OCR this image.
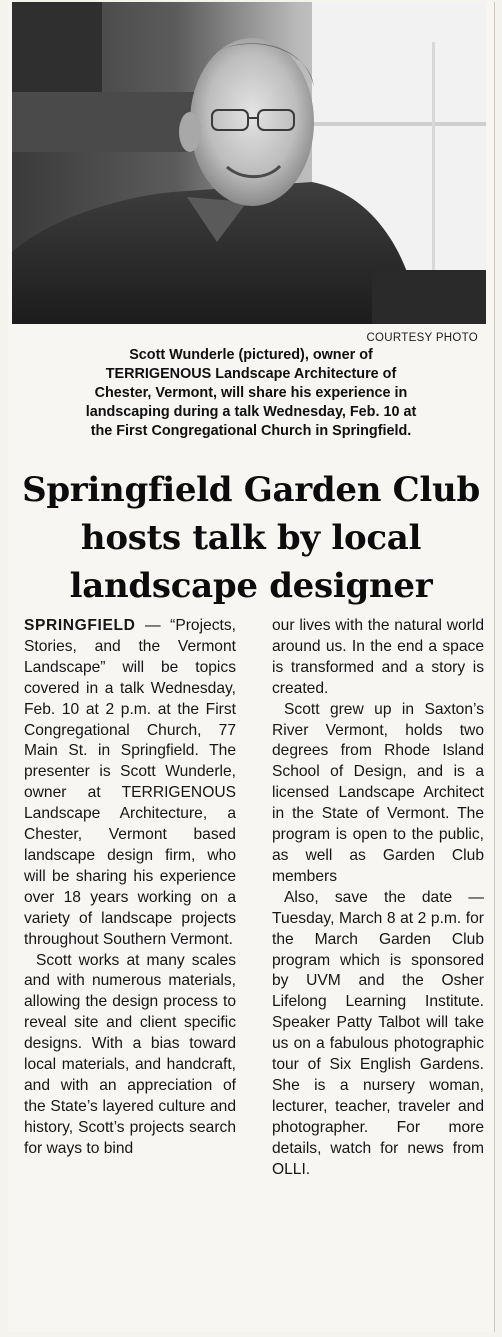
COURTESY PHOTO
Scott Wunderle (pictured), owner of
TERRIGENOUS Landscape Architecture of
Chester, Vermont, will share his experience in
landscaping during a talk Wednesday, Feb. 10 at
the First Congregational Church in Springfield.
Springfield Garden Club
hosts talk by local
landscape designer

SPRINGFIELD — “Projects, Stories, and the Vermont Landscape” will be topics covered in a talk Wednesday, Feb. 10 at 2 p.m. at the First Congregational Church, 77 Main St. in Springfield. The presenter is Scott Wunderle, owner at TERRIGENOUS Landscape Architecture, a Chester, Vermont based landscape design firm, who will be sharing his experience over 18 years working on a variety of landscape projects throughout Southern Vermont.

Scott works at many scales and with numerous materials, allowing the design process to reveal site and client specific designs. With a bias toward local materials, and handcraft, and with an appreciation of the State’s layered culture and history, Scott’s projects search for ways to bind

our lives with the natural world around us. In the end a space is transformed and a story is created.

Scott grew up in Saxton’s River Vermont, holds two degrees from Rhode Island School of Design, and is a licensed Landscape Architect in the State of Vermont. The program is open to the public, as well as Garden Club members

Also, save the date — Tuesday, March 8 at 2 p.m. for the March Garden Club program which is sponsored by UVM and the Osher Lifelong Learning Institute. Speaker Patty Talbot will take us on a fabulous photographic tour of Six English Gardens. She is a nursery woman, lecturer, teacher, traveler and photographer. For more details, watch for news from OLLI.
